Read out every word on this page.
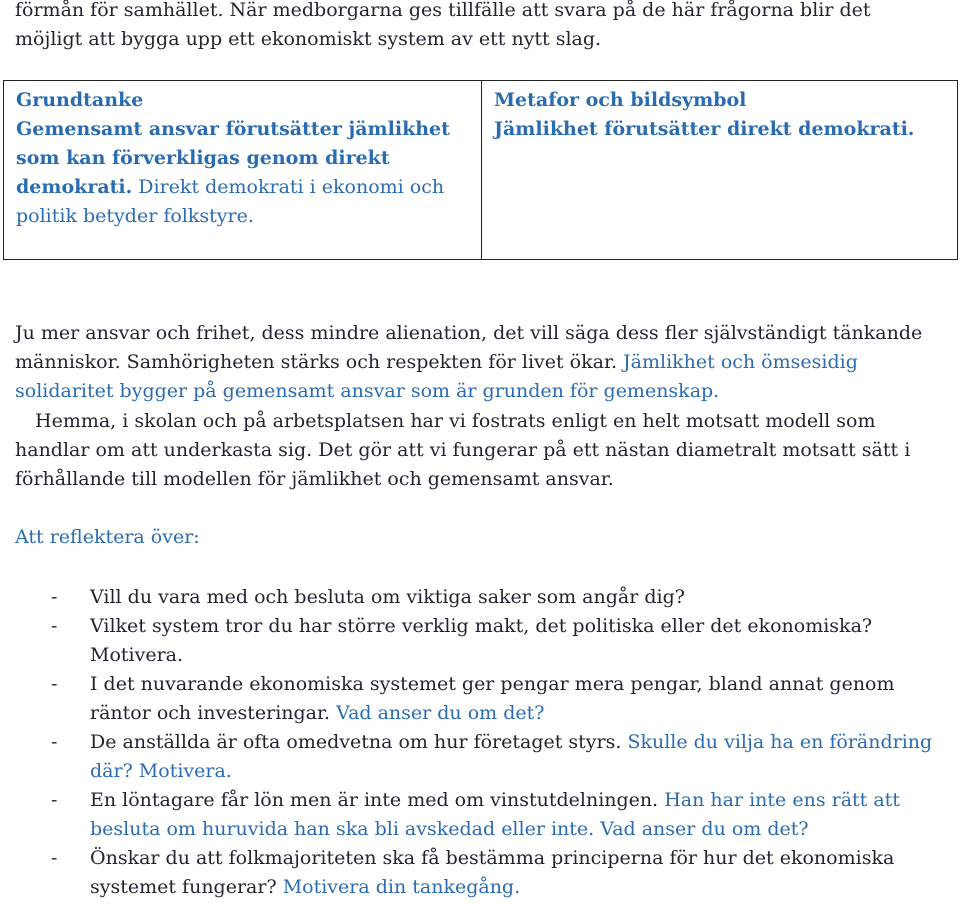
förmån för samhället. När medborgarna ges tillfälle att svara på de här frågorna blir det
möjligt att bygga upp ett ekonomiskt system av ett nytt slag.

Grundtanke
Gemensamt ansvar förutsätter jämlikhet som kan förverkligas genom direkt demokrati. Direkt demokrati i ekonomi och politik betyder folkstyre.
Metafor och bildsymbol
Jämlikhet förutsätter direkt demokrati.

Ju mer ansvar och frihet, dess mindre alienation, det vill säga dess fler självständigt tänkande människor. Samhörigheten stärks och respekten för livet ökar. Jämlikhet och ömsesidig solidaritet bygger på gemensamt ansvar som är grunden för gemenskap.

Hemma, i skolan och på arbetsplatsen har vi fostrats enligt en helt motsatt modell som handlar om att underkasta sig. Det gör att vi fungerar på ett nästan diametralt motsatt sätt i förhållande till modellen för jämlikhet och gemensamt ansvar.

Att reflektera över:

- Vill du vara med och besluta om viktiga saker som angår dig?
- Vilket system tror du har större verklig makt, det politiska eller det ekonomiska? Motivera.
- I det nuvarande ekonomiska systemet ger pengar mera pengar, bland annat genom räntor och investeringar. Vad anser du om det?
- De anställda är ofta omedvetna om hur företaget styrs. Skulle du vilja ha en förändring där? Motivera.
- En löntagare får lön men är inte med om vinstutdelningen. Han har inte ens rätt att besluta om huruvida han ska bli avskedad eller inte. Vad anser du om det?
- Önskar du att folkmajoriteten ska få bestämma principerna för hur det ekonomiska systemet fungerar? Motivera din tankegång.
